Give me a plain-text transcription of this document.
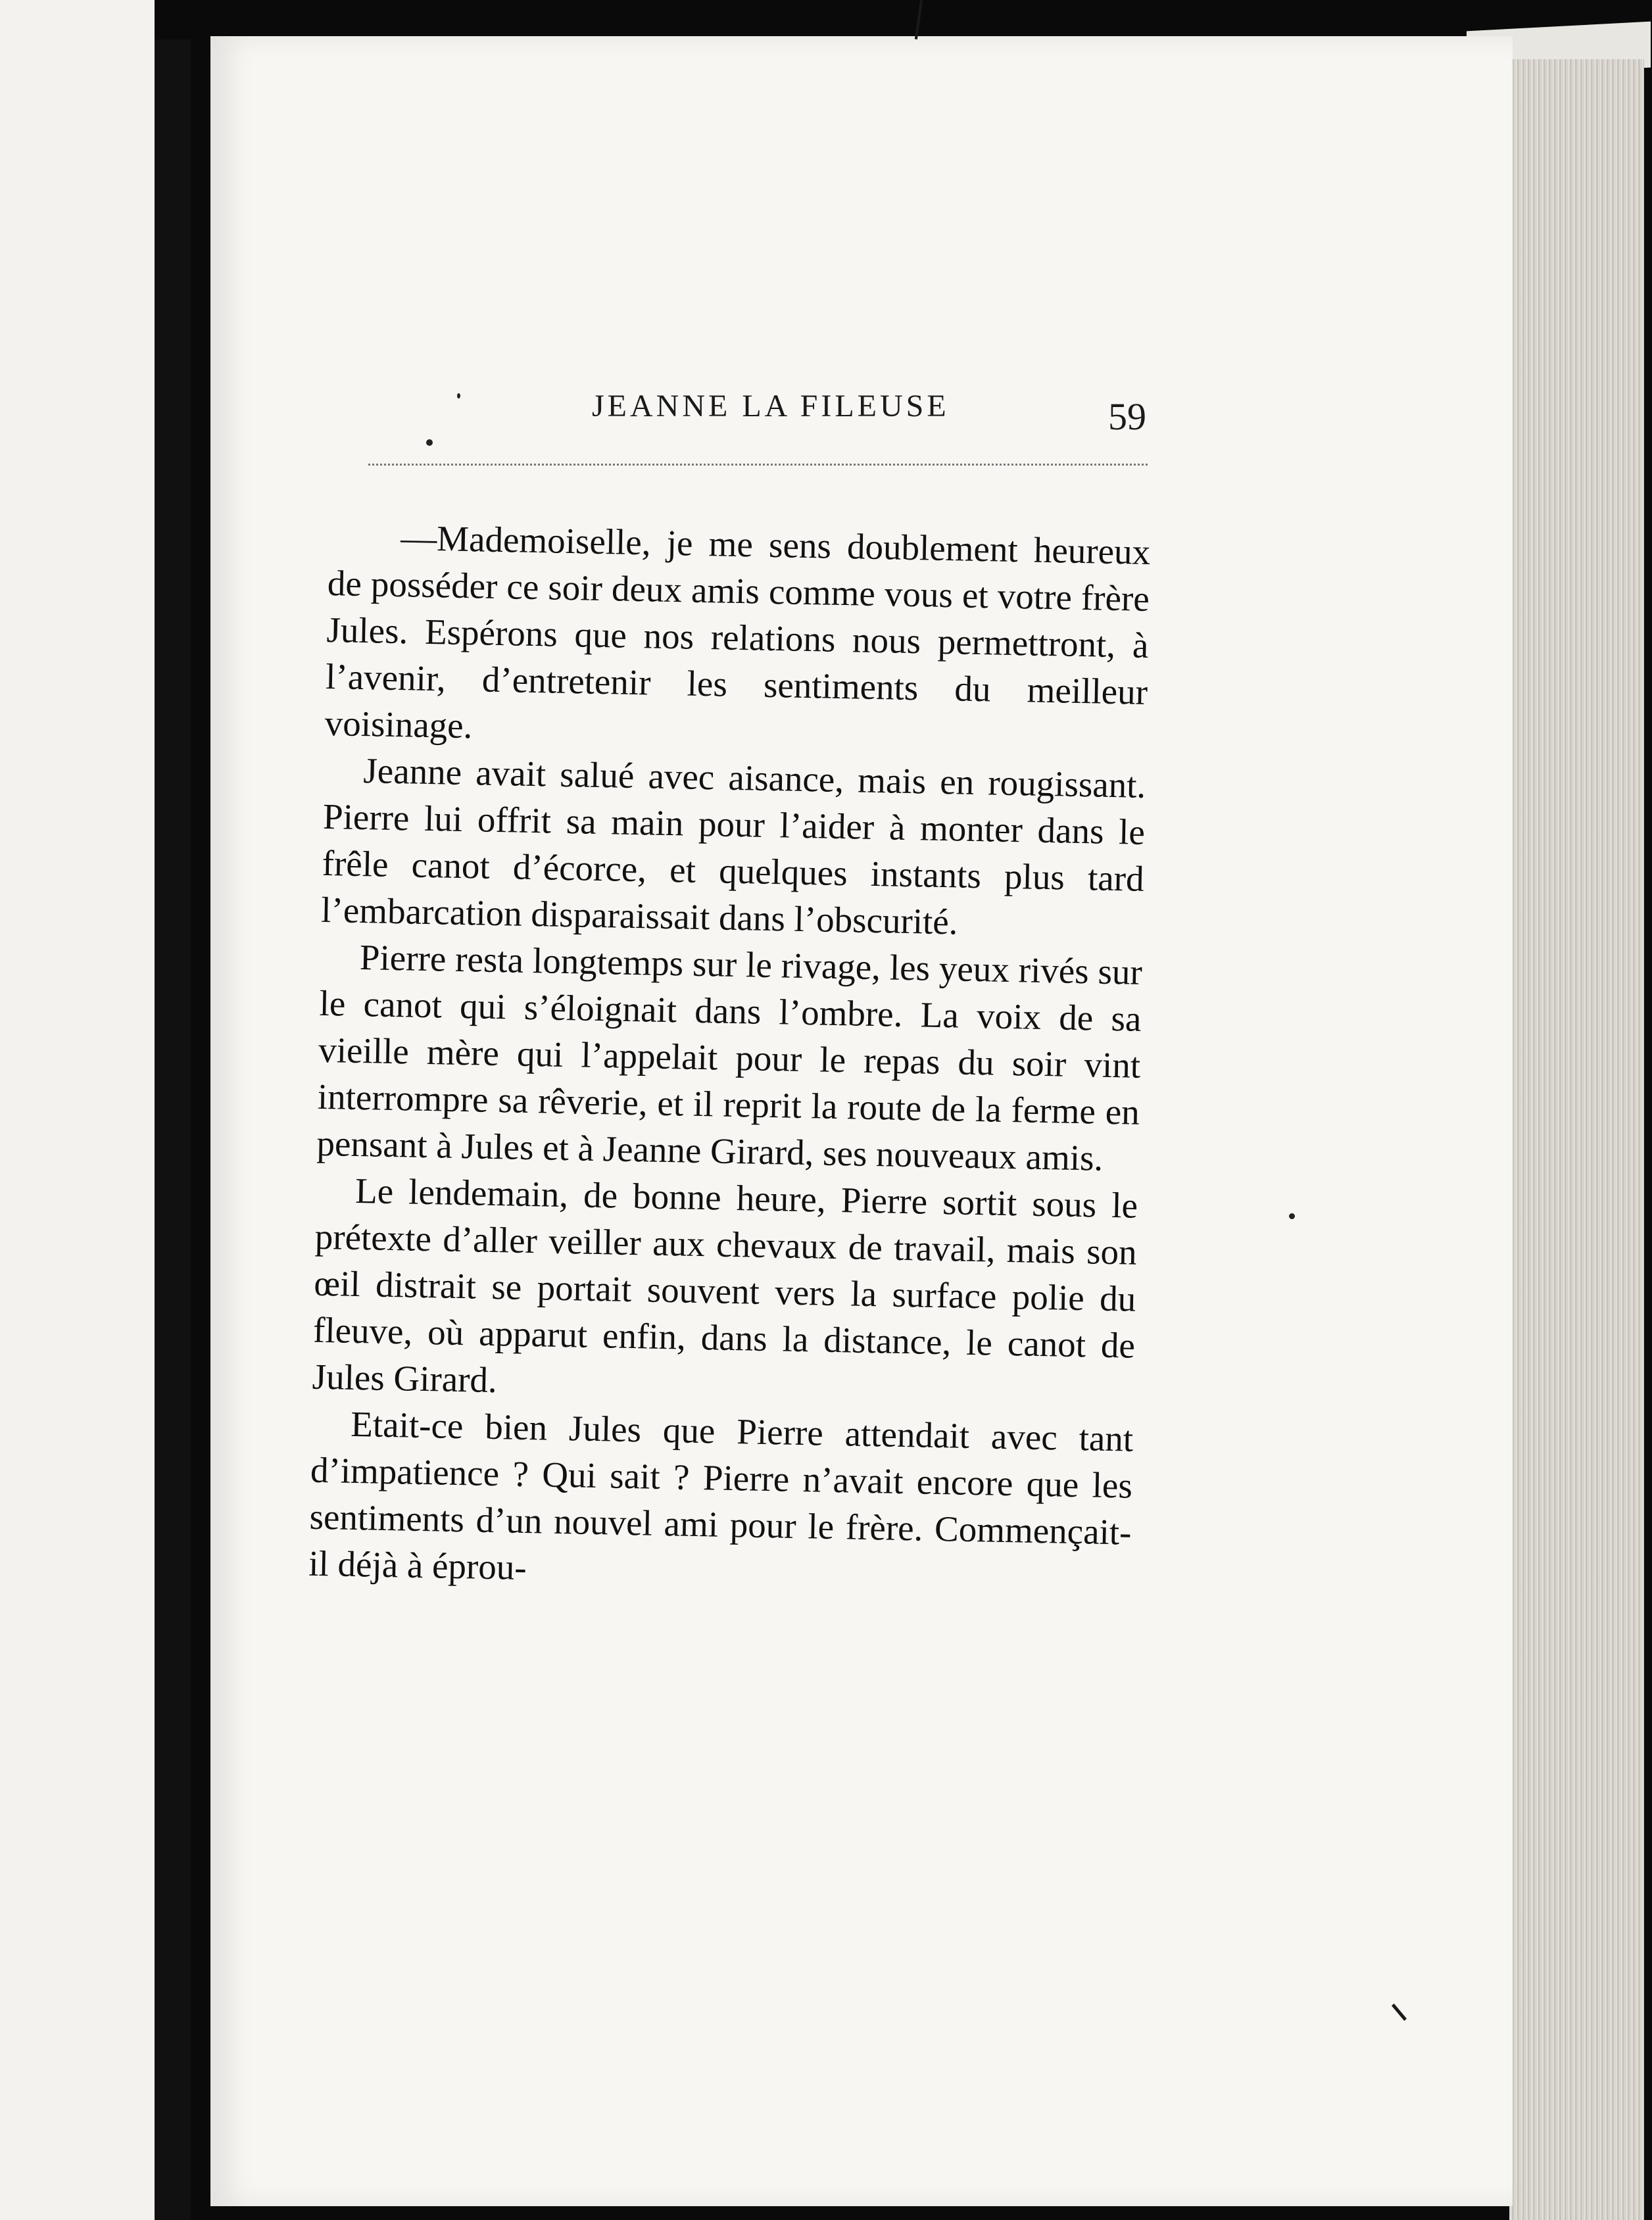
JEANNE LA FILEUSE	59

—Mademoiselle, je me sens doublement heureux de posséder ce soir deux amis comme vous et votre frère Jules. Espérons que nos relations nous permettront, à l’avenir, d’entretenir les sentiments du meilleur voisinage.

Jeanne avait salué avec aisance, mais en rougissant. Pierre lui offrit sa main pour l’aider à monter dans le frêle canot d’écorce, et quelques instants plus tard l’embarcation disparaissait dans l’obscurité.

Pierre resta longtemps sur le rivage, les yeux rivés sur le canot qui s’éloignait dans l’ombre. La voix de sa vieille mère qui l’appelait pour le repas du soir vint interrompre sa rêverie, et il reprit la route de la ferme en pensant à Jules et à Jeanne Girard, ses nouveaux amis.

Le lendemain, de bonne heure, Pierre sortit sous le prétexte d’aller veiller aux chevaux de travail, mais son œil distrait se portait souvent vers la surface polie du fleuve, où apparut enfin, dans la distance, le canot de Jules Girard.

Etait-ce bien Jules que Pierre attendait avec tant d’impatience ? Qui sait ? Pierre n’avait encore que les sentiments d’un nouvel ami pour le frère. Commençait-il déjà à éprou-
